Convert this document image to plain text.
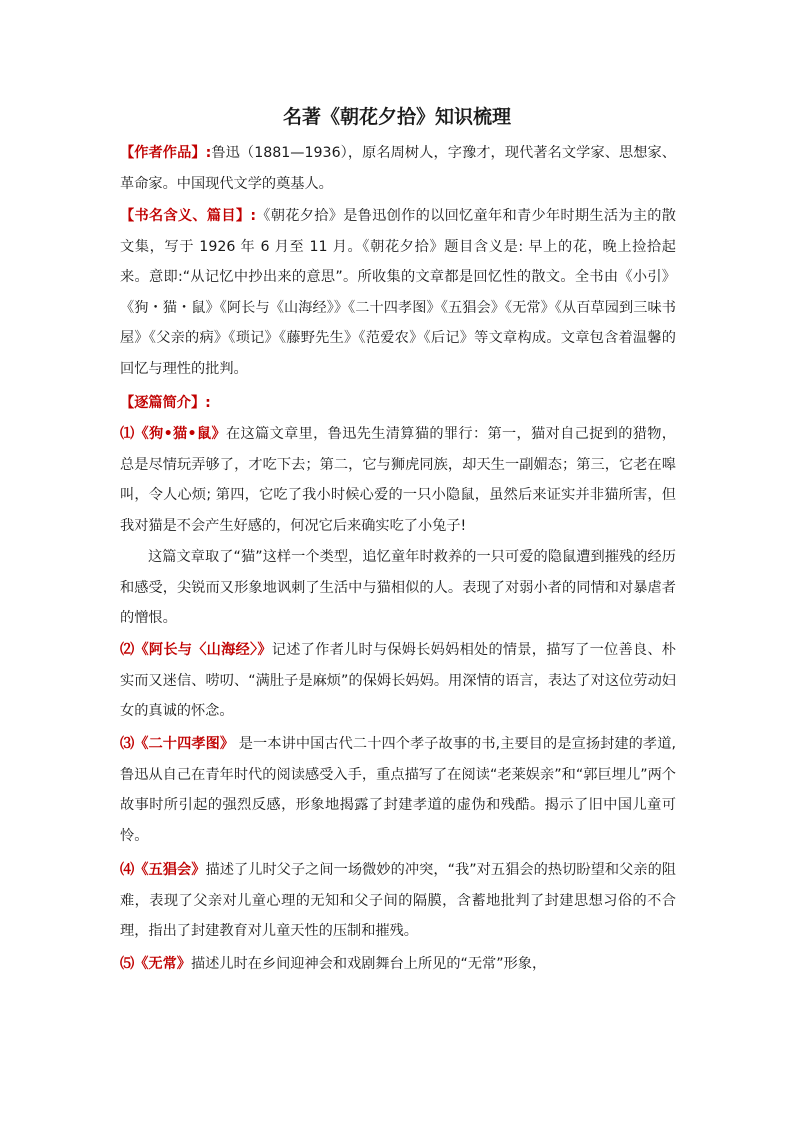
名著《朝花夕拾》知识梳理

【作者作品】:鲁迅（1881—1936），原名周树人，字豫才，现代著名文学家、思想家、革命家。中国现代文学的奠基人。

【书名含义、篇目】:《朝花夕拾》是鲁迅创作的以回忆童年和青少年时期生活为主的散文集，写于 1926 年 6 月至 11 月。《朝花夕拾》题目含义是: 早上的花，晚上捡拾起来。意即:“从记忆中抄出来的意思”。所收集的文章都是回忆性的散文。全书由《小引》《狗・猫・鼠》《阿长与《山海经》》《二十四孝图》《五猖会》《无常》《从百草园到三味书屋》《父亲的病》《琐记》《藤野先生》《范爱农》《后记》等文章构成。文章包含着温馨的回忆与理性的批判。

【逐篇简介】:

⑴《狗•猫•鼠》在这篇文章里，鲁迅先生清算猫的罪行：第一，猫对自己捉到的猎物，总是尽情玩弄够了，才吃下去；第二，它与狮虎同族，却天生一副媚态；第三，它老在嗥叫，令人心烦; 第四，它吃了我小时候心爱的一只小隐鼠，虽然后来证实并非猫所害，但我对猫是不会产生好感的，何况它后来确实吃了小兔子!

这篇文章取了“猫”这样一个类型，追忆童年时救养的一只可爱的隐鼠遭到摧残的经历和感受，尖锐而又形象地讽刺了生活中与猫相似的人。表现了对弱小者的同情和对暴虐者的憎恨。

⑵《阿长与〈山海经〉》记述了作者儿时与保姆长妈妈相处的情景，描写了一位善良、朴实而又迷信、唠叨、“满肚子是麻烦”的保姆长妈妈。用深情的语言，表达了对这位劳动妇女的真诚的怀念。

⑶《二十四孝图》 是一本讲中国古代二十四个孝子故事的书,主要目的是宣扬封建的孝道,鲁迅从自己在青年时代的阅读感受入手，重点描写了在阅读“老莱娱亲”和“郭巨埋儿”两个故事时所引起的强烈反感，形象地揭露了封建孝道的虚伪和残酷。揭示了旧中国儿童可怜。

⑷《五猖会》描述了儿时父子之间一场微妙的冲突，“我”对五猖会的热切盼望和父亲的阻难，表现了父亲对儿童心理的无知和父子间的隔膜，含蓄地批判了封建思想习俗的不合理，指出了封建教育对儿童天性的压制和摧残。

⑸《无常》描述儿时在乡间迎神会和戏剧舞台上所见的“无常”形象，
